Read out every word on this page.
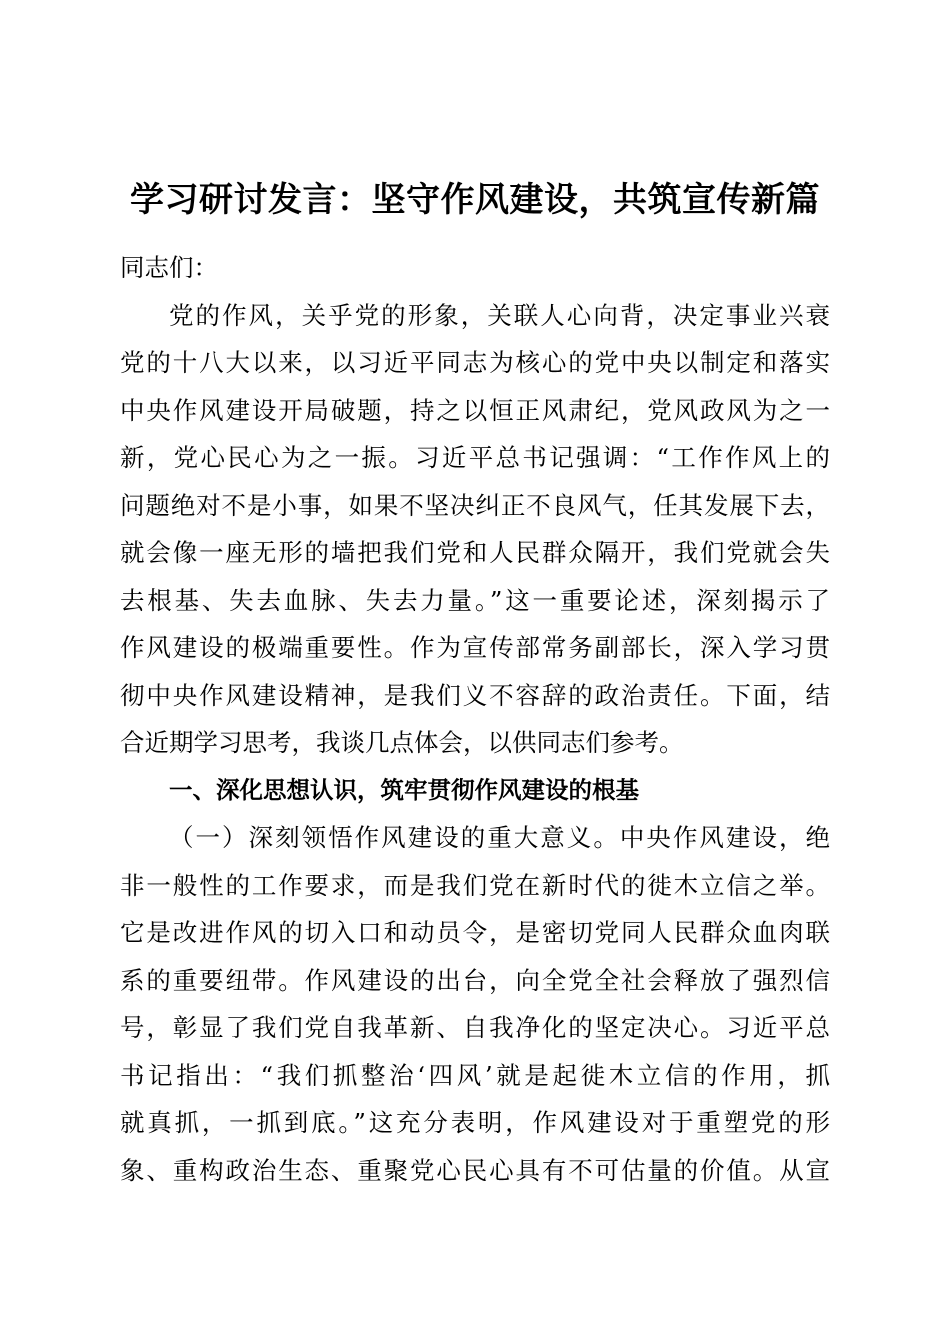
学习研讨发言：坚守作风建设，共筑宣传新篇
同志们：
党的作风，关乎党的形象，关联人心向背，决定事业兴衰
党的十八大以来，以习近平同志为核心的党中央以制定和落实
中央作风建设开局破题，持之以恒正风肃纪，党风政风为之一
新，党心民心为之一振。习近平总书记强调：“工作作风上的
问题绝对不是小事，如果不坚决纠正不良风气，任其发展下去，
就会像一座无形的墙把我们党和人民群众隔开，我们党就会失
去根基、失去血脉、失去力量。”这一重要论述，深刻揭示了
作风建设的极端重要性。作为宣传部常务副部长，深入学习贯
彻中央作风建设精神，是我们义不容辞的政治责任。下面，结
合近期学习思考，我谈几点体会，以供同志们参考。
一、深化思想认识，筑牢贯彻作风建设的根基
（一）深刻领悟作风建设的重大意义。中央作风建设，绝
非一般性的工作要求，而是我们党在新时代的徙木立信之举。
它是改进作风的切入口和动员令，是密切党同人民群众血肉联
系的重要纽带。作风建设的出台，向全党全社会释放了强烈信
号，彰显了我们党自我革新、自我净化的坚定决心。习近平总
书记指出：“我们抓整治‘四风’就是起徙木立信的作用，抓
就真抓，一抓到底。”这充分表明，作风建设对于重塑党的形
象、重构政治生态、重聚党心民心具有不可估量的价值。从宣
